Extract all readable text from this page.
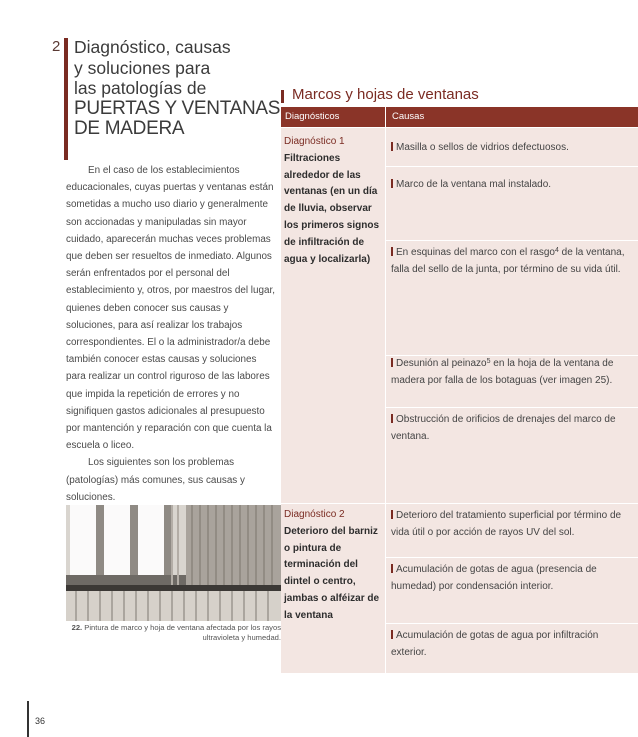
2 Diagnóstico, causas
y soluciones para
las patologías de
PUERTAS Y VENTANAS
DE MADERA

En el caso de los establecimientos educacionales, cuyas puertas y ventanas están sometidas a mucho uso diario y generalmente son accionadas y manipuladas sin mayor cuidado, aparecerán muchas veces problemas que deben ser resueltos de inmediato. Algunos serán enfrentados por el personal del establecimiento y, otros, por maestros del lugar, quienes deben conocer sus causas y soluciones, para así realizar los trabajos correspondientes. El o la administrador/a debe también conocer estas causas y soluciones para realizar un control riguroso de las labores que impida la repetición de errores y no signifiquen gastos adicionales al presupuesto por mantención y reparación con que cuenta la escuela o liceo.

Los siguientes son los problemas (patologías) más comunes, sus causas y soluciones.

22. Pintura de marco y hoja de ventana afectada por los rayos ultravioleta y humedad.
Marcos y hojas de ventanas
Diagnósticos	Causas
Diagnóstico 1
Filtraciones alrededor de las ventanas (en un día de lluvia, observar los primeros signos de infiltración de agua y localizarla)
Masilla o sellos de vidrios defectuosos.
Marco de la ventana mal instalado.
En esquinas del marco con el rasgo$^4$ de la ventana, falla del sello de la junta, por término de su vida útil.
Desunión al peinazo$^5$ en la hoja de la ventana de madera por falla de los botaguas (ver imagen 25).
Obstrucción de orificios de drenajes del marco de ventana.
Diagnóstico 2
Deterioro del barniz o pintura de terminación del dintel o centro, jambas o alféizar de la ventana
Deterioro del tratamiento superficial por término de vida útil o por acción de rayos UV del sol.
Acumulación de gotas de agua (presencia de humedad) por condensación interior.
Acumulación de gotas de agua por infiltración exterior.
36
